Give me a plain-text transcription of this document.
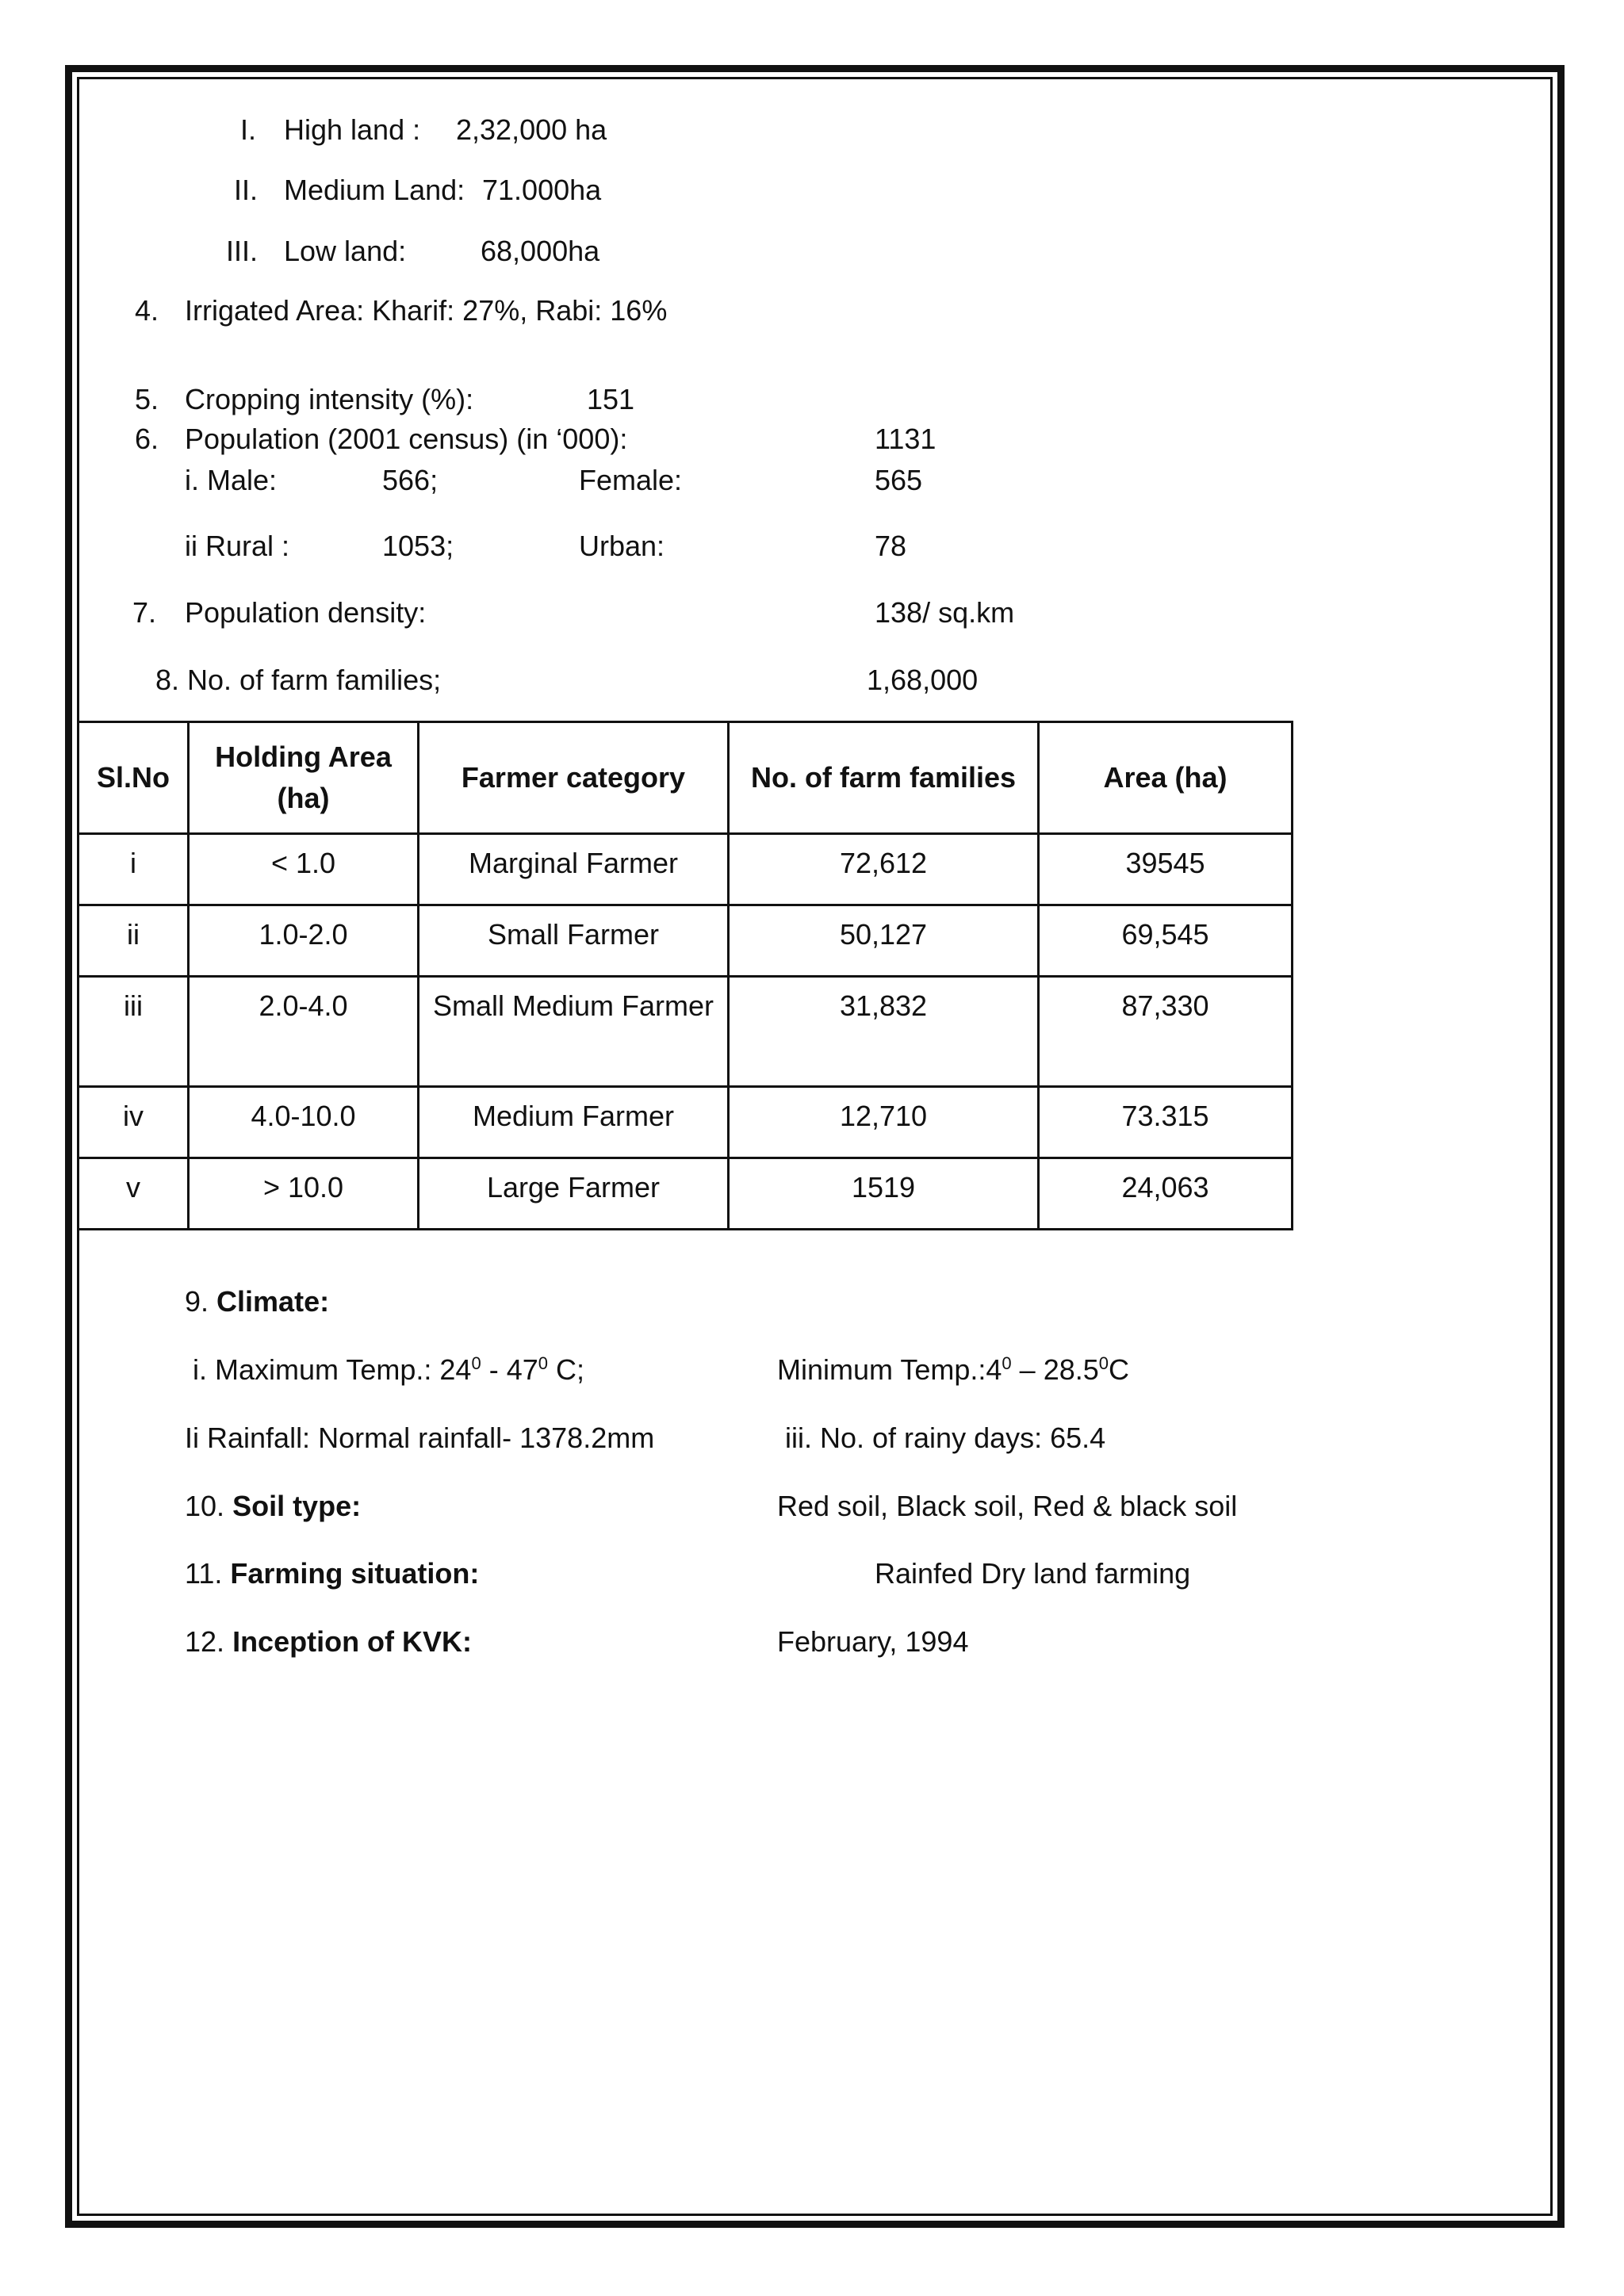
I. High land : 2,32,000 ha
II. Medium Land: 71.000ha
III. Low land:	68,000ha
4. Irrigated Area: Kharif: 27%, Rabi: 16%
5. Cropping intensity (%):	151
6. Population (2001 census) (in ‘000):	1131
i. Male:	566;	Female:	565
ii Rural :	1053;	Urban:	78
7. Population density:	138/ sq.km
8. No. of farm families;	1,68,000
Sl.No	Holding Area (ha)	Farmer category	No. of farm families	Area (ha)
i	< 1.0	Marginal Farmer	72,612	39545
ii	1.0-2.0	Small Farmer	50,127	69,545
iii	2.0-4.0	Small Medium Farmer	31,832	87,330
iv	4.0-10.0	Medium Farmer	12,710	73.315
v	> 10.0	Large Farmer	1519	24,063
9. Climate:
i. Maximum Temp.: $24^0 - 47^0$ C;	Minimum $Temp.:4^0 - 28.5^0C$
Ii Rainfall: Normal rainfall- 1378.2mm	iii. No. of rainy days: 65.4
10. Soil type:	Red soil, Black soil, Red & black soil
11. Farming situation:	Rainfed Dry land farming
12. Inception of KVK:	February, 1994
